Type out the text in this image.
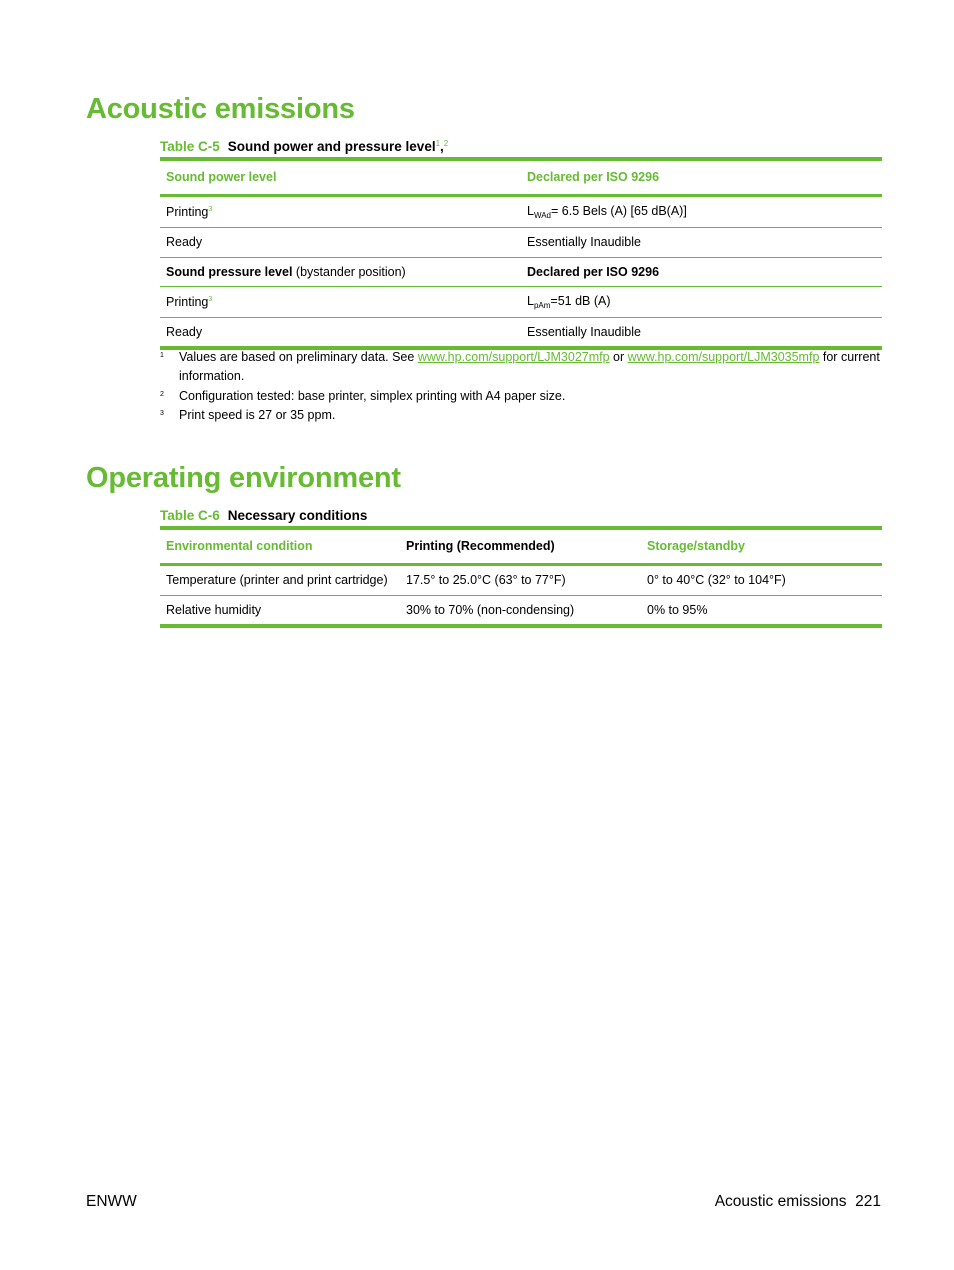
Acoustic emissions
Table C-5 Sound power and pressure level$^1$,$^2$
Sound power level	Declared per ISO 9296
Printing$^3$	$L_{WAd}= 6.5$ Bels (A) [65 dB(A)]
Ready	Essentially Inaudible
Sound pressure level (bystander position)	Declared per ISO 9296
Printing$^3$	$L_{pAm}=51$ dB (A)
Ready	Essentially Inaudible
1 Values are based on preliminary data. See www.hp.com/support/LJM3027mfp or www.hp.com/support/LJM3035mfp for current information.
2 Configuration tested: base printer, simplex printing with A4 paper size.
3 Print speed is 27 or 35 ppm.
Operating environment
Table C-6 Necessary conditions
Environmental condition	Printing (Recommended)	Storage/standby
Temperature (printer and print cartridge)	17.5° to 25.0°C (63° to 77°F)	0° to 40°C (32° to 104°F)
Relative humidity	30% to 70% (non-condensing)	0% to 95%
ENWW	Acoustic emissions 221
